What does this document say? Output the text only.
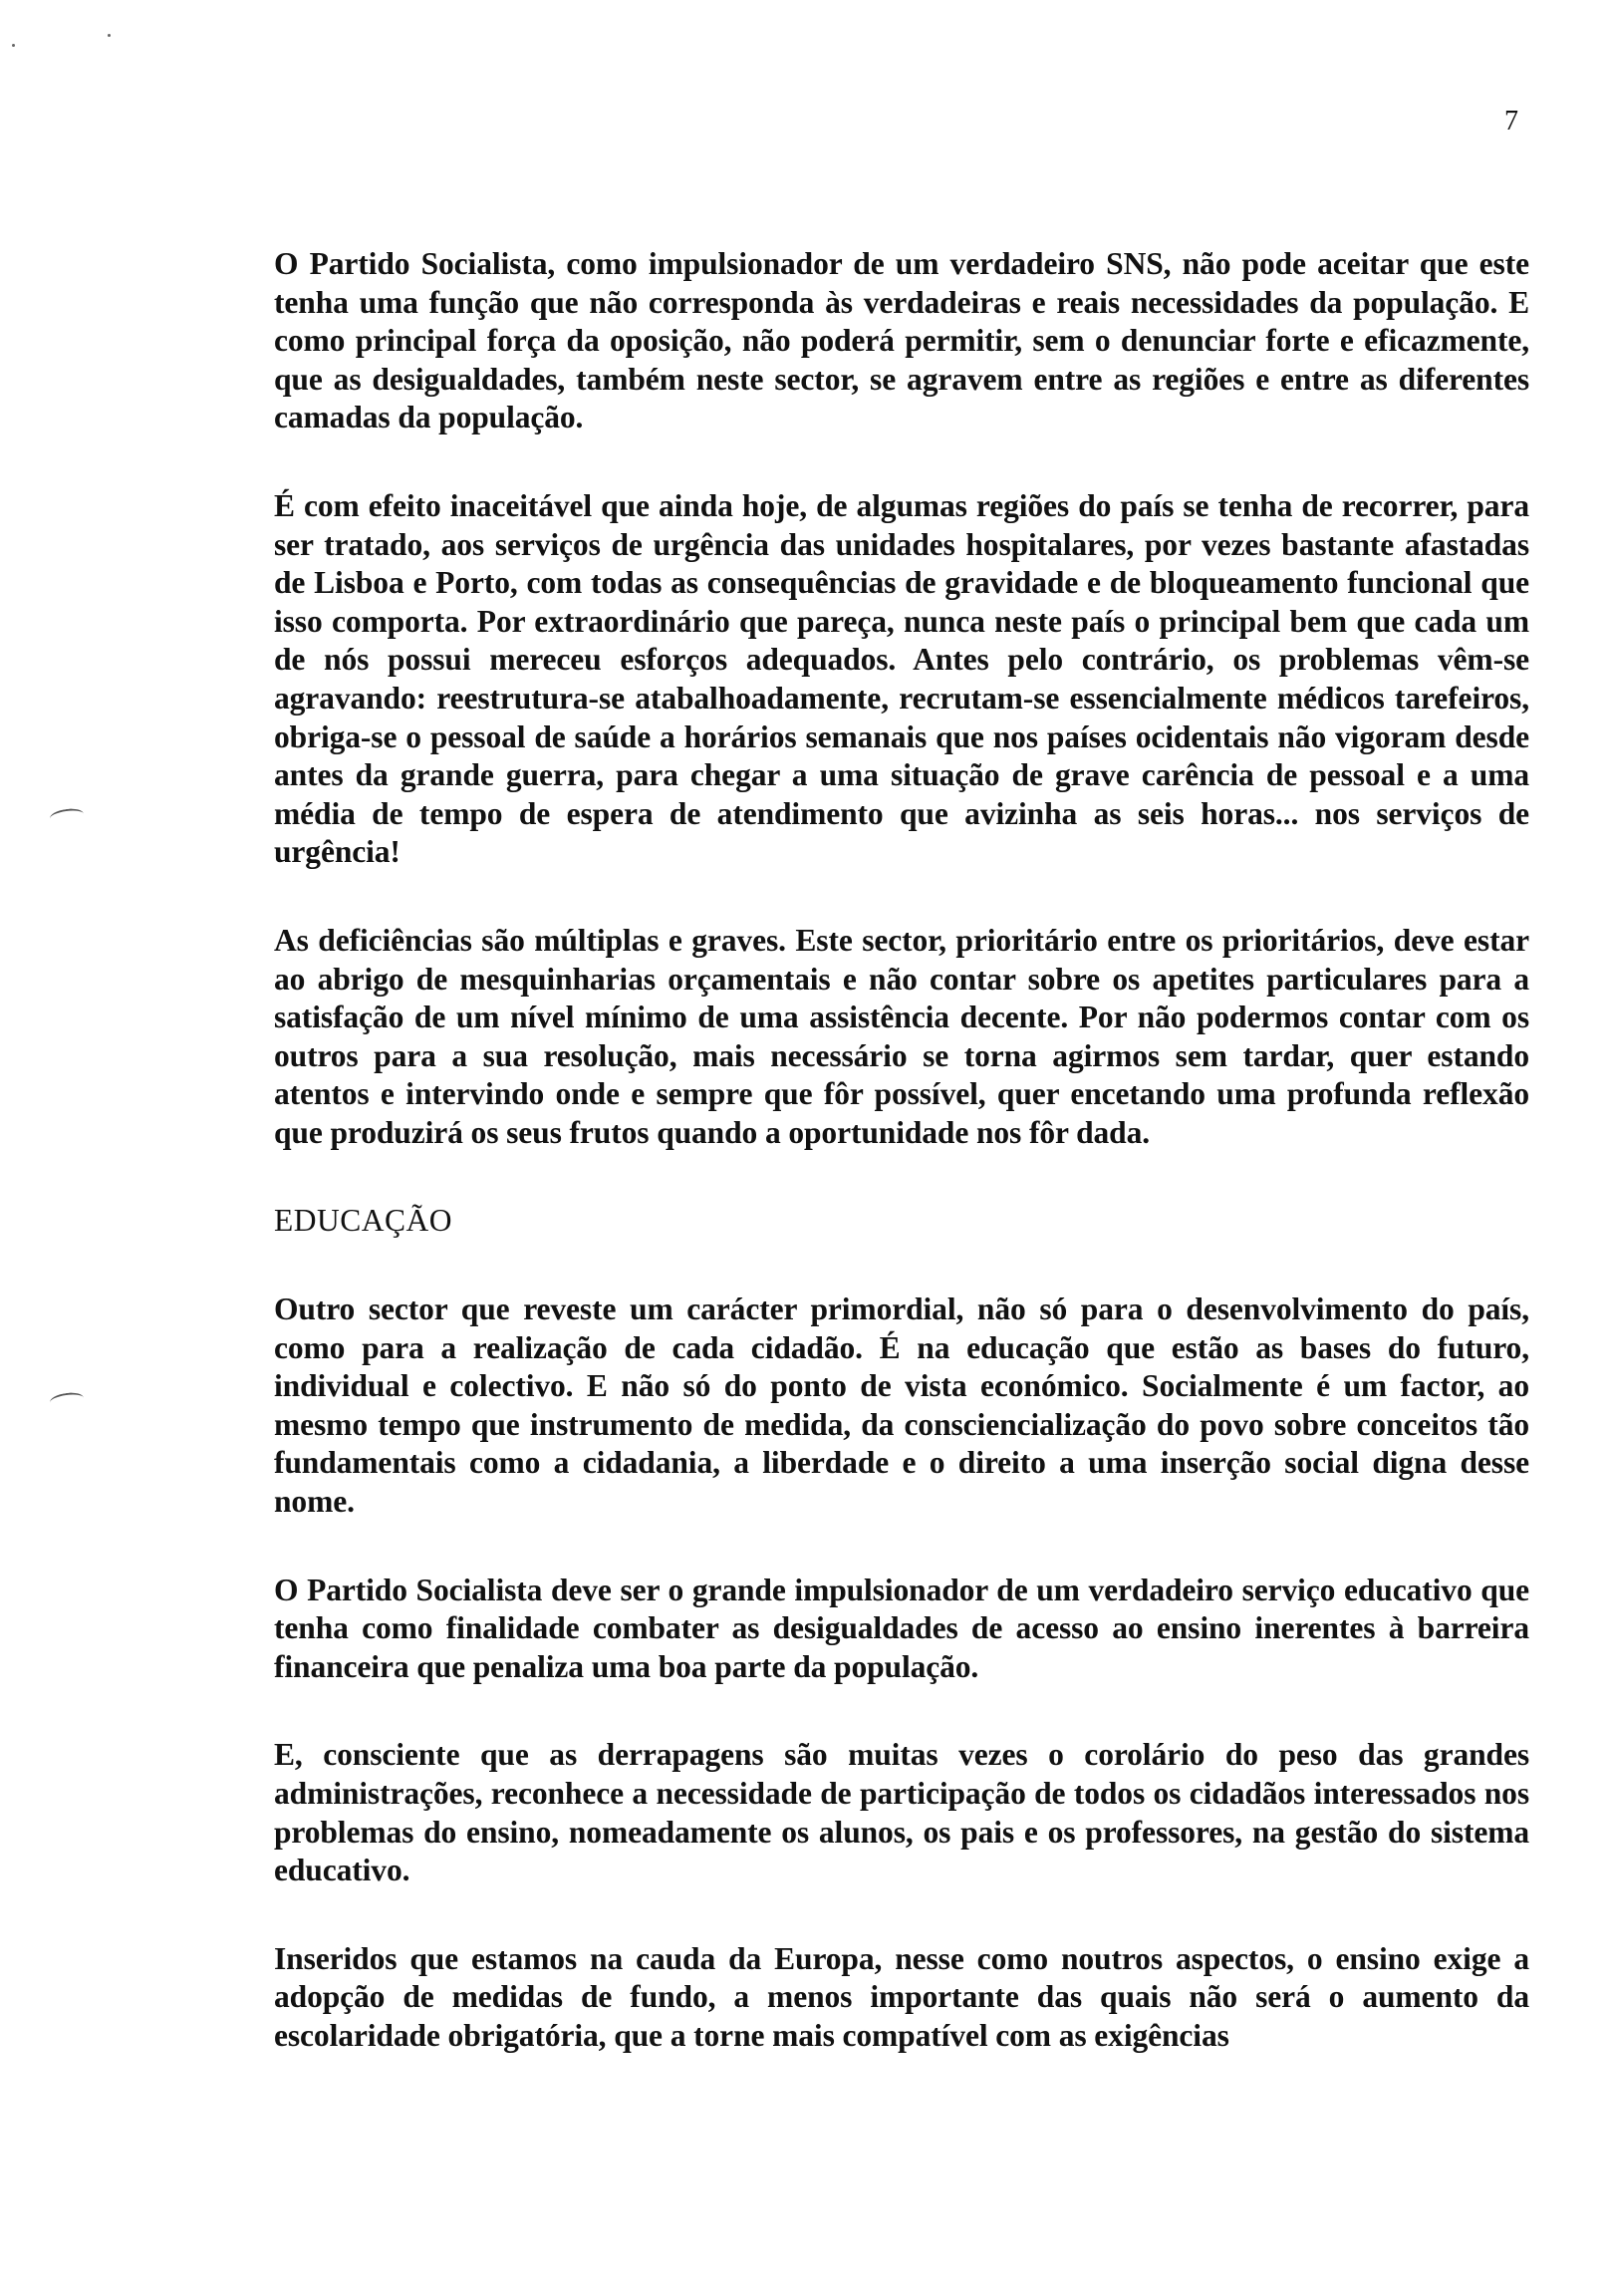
7

O Partido Socialista, como impulsionador de um verdadeiro SNS, não pode aceitar que este tenha uma função que não corresponda às verdadeiras e reais necessidades da população. E como principal força da oposição, não poderá permitir, sem o denunciar forte e eficazmente, que as desigualdades, também neste sector, se agravem entre as regiões e entre as diferentes camadas da população.

É com efeito inaceitável que ainda hoje, de algumas regiões do país se tenha de recorrer, para ser tratado, aos serviços de urgência das unidades hospitalares, por vezes bastante afastadas de Lisboa e Porto, com todas as consequências de gravidade e de bloqueamento funcional que isso comporta. Por extraordinário que pareça, nunca neste país o principal bem que cada um de nós possui mereceu esforços adequados. Antes pelo contrário, os problemas vêm-se agravando: reestrutura-se atabalhoadamente, recrutam-se essencialmente médicos tarefeiros, obriga-se o pessoal de saúde a horários semanais que nos países ocidentais não vigoram desde antes da grande guerra, para chegar a uma situação de grave carência de pessoal e a uma média de tempo de espera de atendimento que avizinha as seis horas... nos serviços de urgência!

As deficiências são múltiplas e graves. Este sector, prioritário entre os prioritários, deve estar ao abrigo de mesquinharias orçamentais e não contar sobre os apetites particulares para a satisfação de um nível mínimo de uma assistência decente. Por não podermos contar com os outros para a sua resolução, mais necessário se torna agirmos sem tardar, quer estando atentos e intervindo onde e sempre que fôr possível, quer encetando uma profunda reflexão que produzirá os seus frutos quando a oportunidade nos fôr dada.

EDUCAÇÃO

Outro sector que reveste um carácter primordial, não só para o desenvolvimento do país, como para a realização de cada cidadão. É na educação que estão as bases do futuro, individual e colectivo. E não só do ponto de vista económico. Socialmente é um factor, ao mesmo tempo que instrumento de medida, da consciencialização do povo sobre conceitos tão fundamentais como a cidadania, a liberdade e o direito a uma inserção social digna desse nome.

O Partido Socialista deve ser o grande impulsionador de um verdadeiro serviço educativo que tenha como finalidade combater as desigualdades de acesso ao ensino inerentes à barreira financeira que penaliza uma boa parte da população.

E, consciente que as derrapagens são muitas vezes o corolário do peso das grandes administrações, reconhece a necessidade de participação de todos os cidadãos interessados nos problemas do ensino, nomeadamente os alunos, os pais e os professores, na gestão do sistema educativo.

Inseridos que estamos na cauda da Europa, nesse como noutros aspectos, o ensino exige a adopção de medidas de fundo, a menos importante das quais não será o aumento da escolaridade obrigatória, que a torne mais compatível com as exigências
